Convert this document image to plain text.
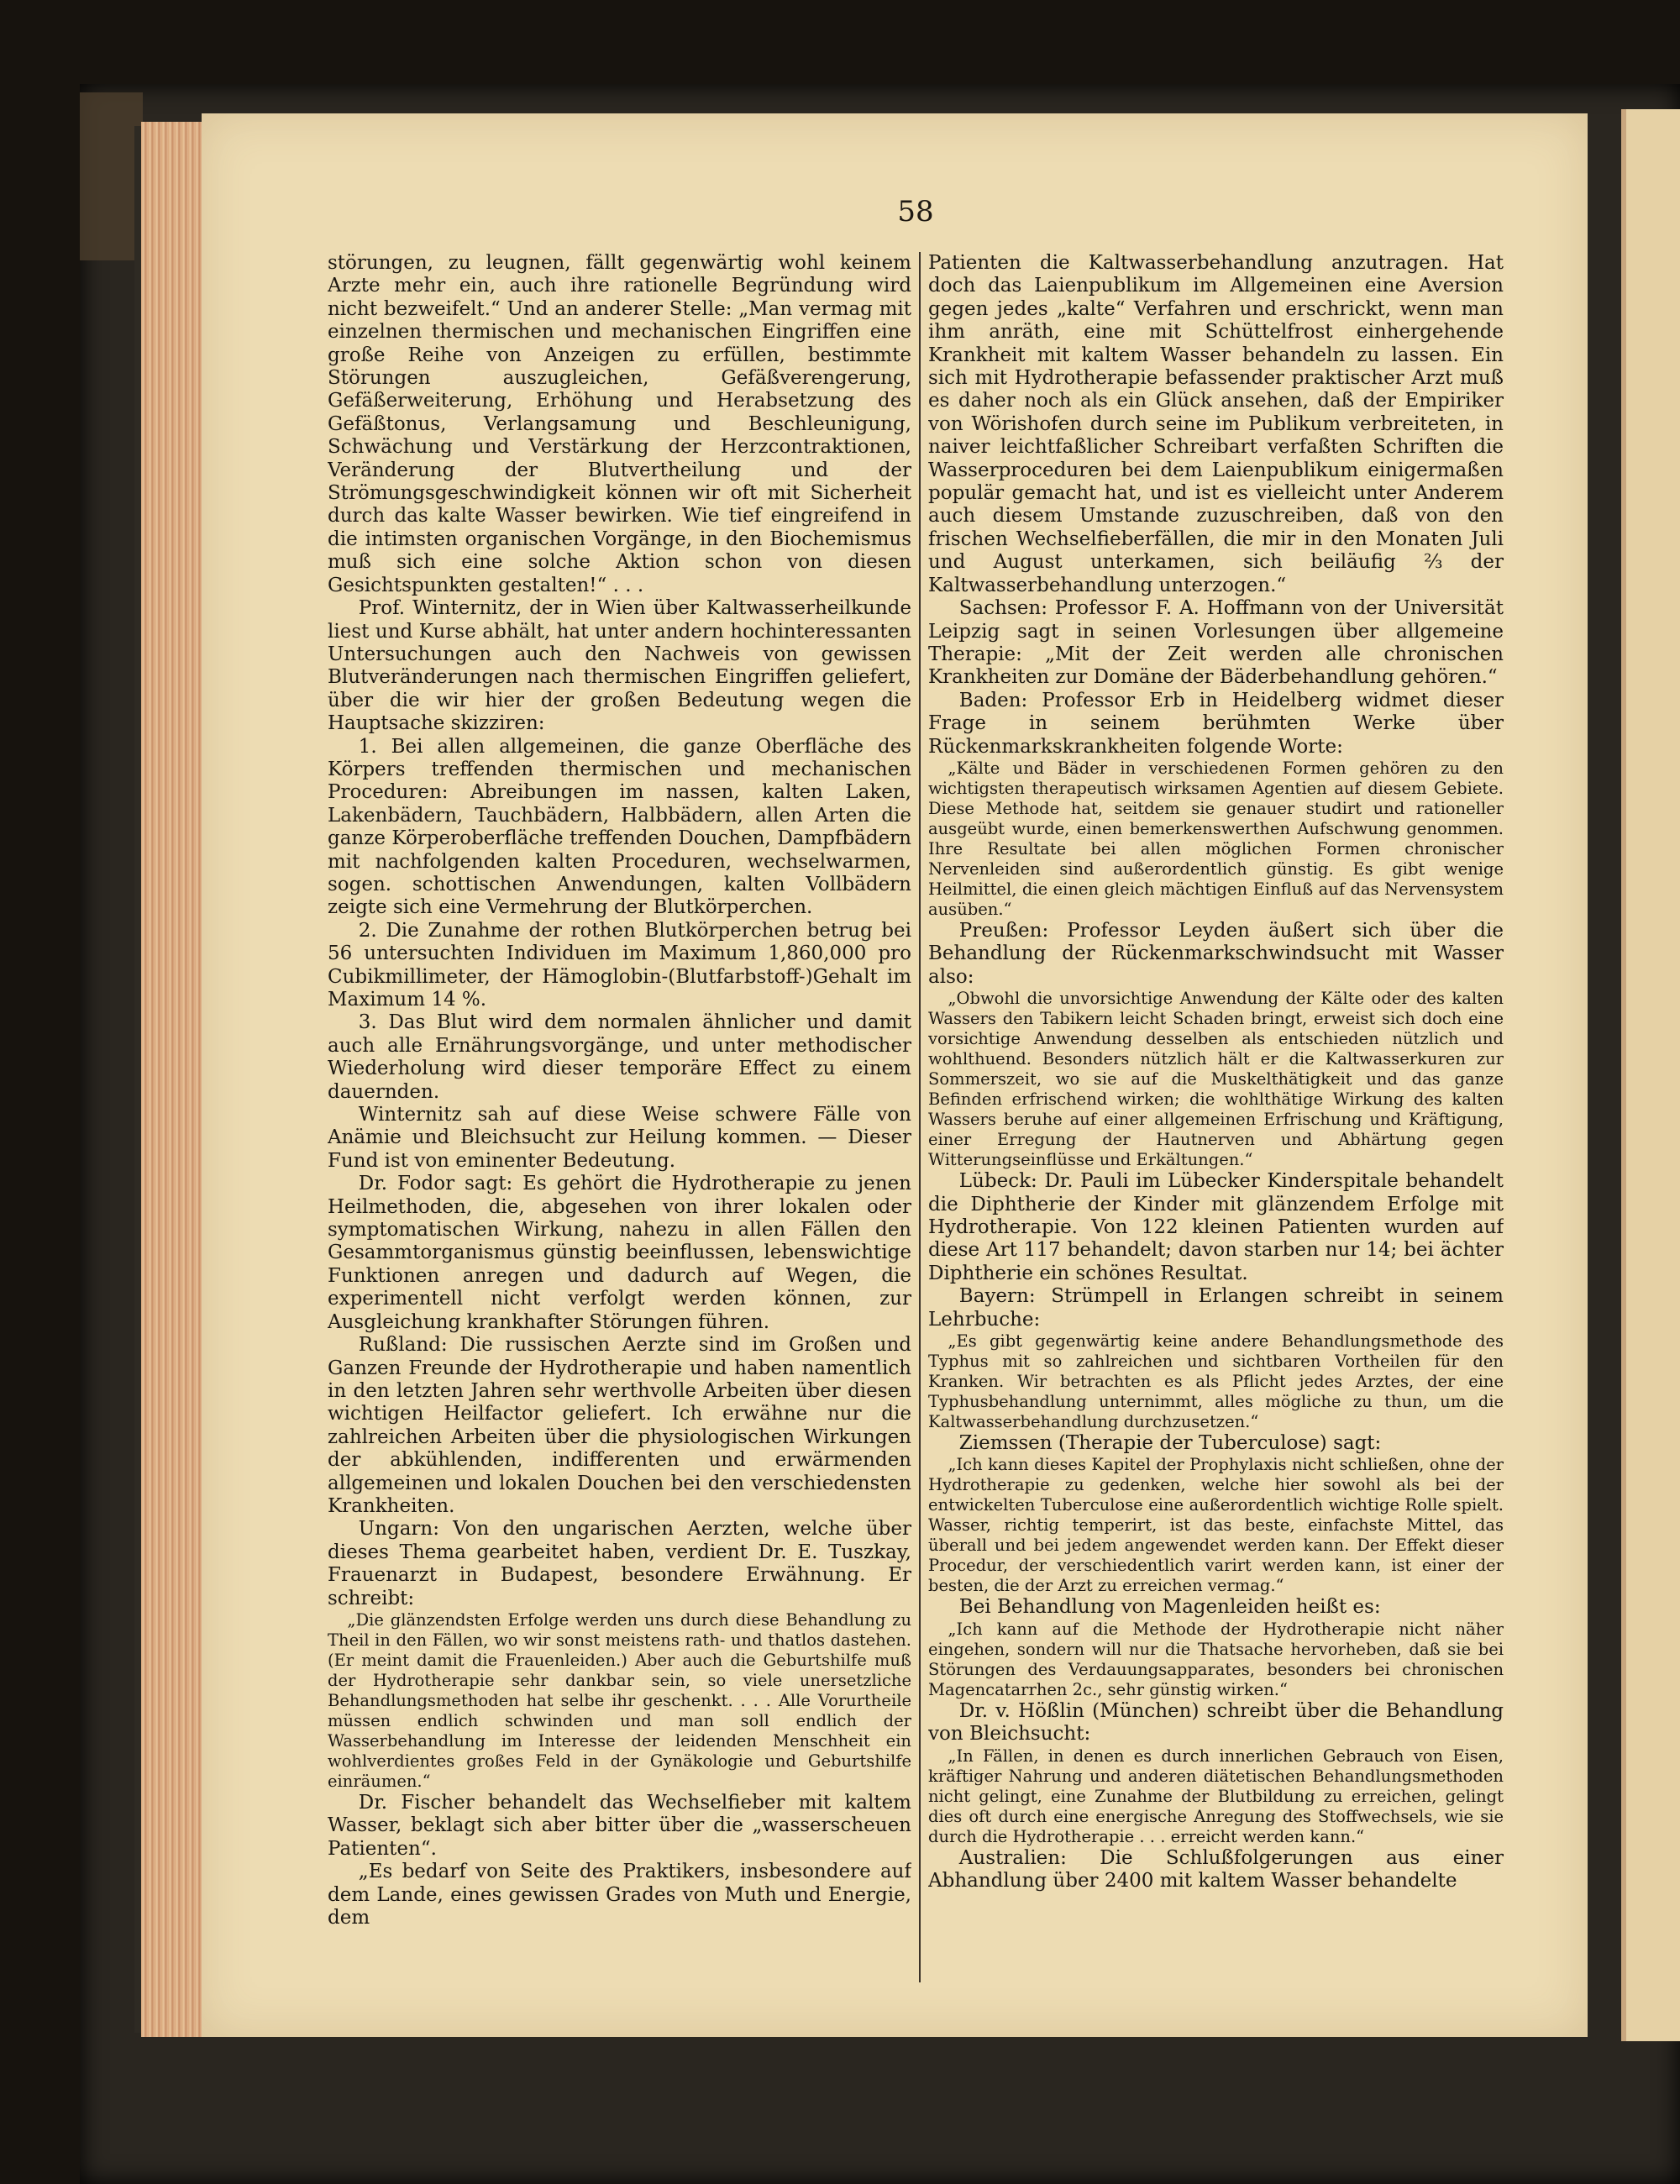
58

störungen, zu leugnen, fällt gegenwärtig wohl keinem Arzte mehr ein, auch ihre rationelle Begründung wird nicht bezweifelt.“ Und an anderer Stelle: „Man vermag mit einzelnen thermischen und mechanischen Eingriffen eine große Reihe von Anzeigen zu erfüllen, bestimmte Störungen auszugleichen, Gefäßverengerung, Gefäßerweiterung, Erhöhung und Herabsetzung des Gefäßtonus, Verlangsamung und Beschleunigung, Schwächung und Verstärkung der Herzcontraktionen, Veränderung der Blutvertheilung und der Strömungsgeschwindigkeit können wir oft mit Sicherheit durch das kalte Wasser bewirken. Wie tief eingreifend in die intimsten organischen Vorgänge, in den Biochemismus muß sich eine solche Aktion schon von diesen Gesichtspunkten gestalten!“ . . .

Prof. Winternitz, der in Wien über Kaltwasserheilkunde liest und Kurse abhält, hat unter andern hochinteressanten Untersuchungen auch den Nachweis von gewissen Blutveränderungen nach thermischen Eingriffen geliefert, über die wir hier der großen Bedeutung wegen die Hauptsache skizziren:

1. Bei allen allgemeinen, die ganze Oberfläche des Körpers treffenden thermischen und mechanischen Proceduren: Abreibungen im nassen, kalten Laken, Lakenbädern, Tauchbädern, Halbbädern, allen Arten die ganze Körperoberfläche treffenden Douchen, Dampfbädern mit nachfolgenden kalten Proceduren, wechselwarmen, sogen. schottischen Anwendungen, kalten Vollbädern zeigte sich eine Vermehrung der Blutkörperchen.

2. Die Zunahme der rothen Blutkörperchen betrug bei 56 untersuchten Individuen im Maximum 1,860,000 pro Cubikmillimeter, der Hämoglobin-(Blutfarbstoff-)Gehalt im Maximum 14 %.

3. Das Blut wird dem normalen ähnlicher und damit auch alle Ernährungsvorgänge, und unter methodischer Wiederholung wird dieser temporäre Effect zu einem dauernden.

Winternitz sah auf diese Weise schwere Fälle von Anämie und Bleichsucht zur Heilung kommen. — Dieser Fund ist von eminenter Bedeutung.

Dr. Fodor sagt: Es gehört die Hydrotherapie zu jenen Heilmethoden, die, abgesehen von ihrer lokalen oder symptomatischen Wirkung, nahezu in allen Fällen den Gesammtorganismus günstig beeinflussen, lebenswichtige Funktionen anregen und dadurch auf Wegen, die experimentell nicht verfolgt werden können, zur Ausgleichung krankhafter Störungen führen.

Rußland: Die russischen Aerzte sind im Großen und Ganzen Freunde der Hydrotherapie und haben namentlich in den letzten Jahren sehr werthvolle Arbeiten über diesen wichtigen Heilfactor geliefert. Ich erwähne nur die zahlreichen Arbeiten über die physiologischen Wirkungen der abkühlenden, indifferenten und erwärmenden allgemeinen und lokalen Douchen bei den verschiedensten Krankheiten.

Ungarn: Von den ungarischen Aerzten, welche über dieses Thema gearbeitet haben, verdient Dr. E. Tuszkay, Frauenarzt in Budapest, besondere Erwähnung. Er schreibt:

„Die glänzendsten Erfolge werden uns durch diese Behandlung zu Theil in den Fällen, wo wir sonst meistens rath- und thatlos dastehen. (Er meint damit die Frauenleiden.) Aber auch die Geburtshilfe muß der Hydrotherapie sehr dankbar sein, so viele unersetzliche Behandlungsmethoden hat selbe ihr geschenkt. . . . Alle Vorurtheile müssen endlich schwinden und man soll endlich der Wasserbehandlung im Interesse der leidenden Menschheit ein wohlverdientes großes Feld in der Gynäkologie und Geburtshilfe einräumen.“

Dr. Fischer behandelt das Wechselfieber mit kaltem Wasser, beklagt sich aber bitter über die „wasserscheuen Patienten“.

„Es bedarf von Seite des Praktikers, insbesondere auf dem Lande, eines gewissen Grades von Muth und Energie, dem

Patienten die Kaltwasserbehandlung anzutragen. Hat doch das Laienpublikum im Allgemeinen eine Aversion gegen jedes „kalte“ Verfahren und erschrickt, wenn man ihm anräth, eine mit Schüttelfrost einhergehende Krankheit mit kaltem Wasser behandeln zu lassen. Ein sich mit Hydrotherapie befassender praktischer Arzt muß es daher noch als ein Glück ansehen, daß der Empiriker von Wörishofen durch seine im Publikum verbreiteten, in naiver leichtfaßlicher Schreibart verfaßten Schriften die Wasserproceduren bei dem Laienpublikum einigermaßen populär gemacht hat, und ist es vielleicht unter Anderem auch diesem Umstande zuzuschreiben, daß von den frischen Wechselfieberfällen, die mir in den Monaten Juli und August unterkamen, sich beiläufig ⅔ der Kaltwasserbehandlung unterzogen.“

Sachsen: Professor F. A. Hoffmann von der Universität Leipzig sagt in seinen Vorlesungen über allgemeine Therapie: „Mit der Zeit werden alle chronischen Krankheiten zur Domäne der Bäderbehandlung gehören.“

Baden: Professor Erb in Heidelberg widmet dieser Frage in seinem berühmten Werke über Rückenmarkskrankheiten folgende Worte:

„Kälte und Bäder in verschiedenen Formen gehören zu den wichtigsten therapeutisch wirksamen Agentien auf diesem Gebiete. Diese Methode hat, seitdem sie genauer studirt und rationeller ausgeübt wurde, einen bemerkenswerthen Aufschwung genommen. Ihre Resultate bei allen möglichen Formen chronischer Nervenleiden sind außerordentlich günstig. Es gibt wenige Heilmittel, die einen gleich mächtigen Einfluß auf das Nervensystem ausüben.“

Preußen: Professor Leyden äußert sich über die Behandlung der Rückenmarkschwindsucht mit Wasser also:

„Obwohl die unvorsichtige Anwendung der Kälte oder des kalten Wassers den Tabikern leicht Schaden bringt, erweist sich doch eine vorsichtige Anwendung desselben als entschieden nützlich und wohlthuend. Besonders nützlich hält er die Kaltwasserkuren zur Sommerszeit, wo sie auf die Muskelthätigkeit und das ganze Befinden erfrischend wirken; die wohlthätige Wirkung des kalten Wassers beruhe auf einer allgemeinen Erfrischung und Kräftigung, einer Erregung der Hautnerven und Abhärtung gegen Witterungseinflüsse und Erkältungen.“

Lübeck: Dr. Pauli im Lübecker Kinderspitale behandelt die Diphtherie der Kinder mit glänzendem Erfolge mit Hydrotherapie. Von 122 kleinen Patienten wurden auf diese Art 117 behandelt; davon starben nur 14; bei ächter Diphtherie ein schönes Resultat.

Bayern: Strümpell in Erlangen schreibt in seinem Lehrbuche:

„Es gibt gegenwärtig keine andere Behandlungsmethode des Typhus mit so zahlreichen und sichtbaren Vortheilen für den Kranken. Wir betrachten es als Pflicht jedes Arztes, der eine Typhusbehandlung unternimmt, alles mögliche zu thun, um die Kaltwasserbehandlung durchzusetzen.“

Ziemssen (Therapie der Tuberculose) sagt:

„Ich kann dieses Kapitel der Prophylaxis nicht schließen, ohne der Hydrotherapie zu gedenken, welche hier sowohl als bei der entwickelten Tuberculose eine außerordentlich wichtige Rolle spielt. Wasser, richtig temperirt, ist das beste, einfachste Mittel, das überall und bei jedem angewendet werden kann. Der Effekt dieser Procedur, der verschiedentlich varirt werden kann, ist einer der besten, die der Arzt zu erreichen vermag.“

Bei Behandlung von Magenleiden heißt es:

„Ich kann auf die Methode der Hydrotherapie nicht näher eingehen, sondern will nur die Thatsache hervorheben, daß sie bei Störungen des Verdauungsapparates, besonders bei chronischen Magencatarrhen 2c., sehr günstig wirken.“

Dr. v. Hößlin (München) schreibt über die Behandlung von Bleichsucht:

„In Fällen, in denen es durch innerlichen Gebrauch von Eisen, kräftiger Nahrung und anderen diätetischen Behandlungsmethoden nicht gelingt, eine Zunahme der Blutbildung zu erreichen, gelingt dies oft durch eine energische Anregung des Stoffwechsels, wie sie durch die Hydrotherapie . . . erreicht werden kann.“

Australien: Die Schlußfolgerungen aus einer Abhandlung über 2400 mit kaltem Wasser behandelte
